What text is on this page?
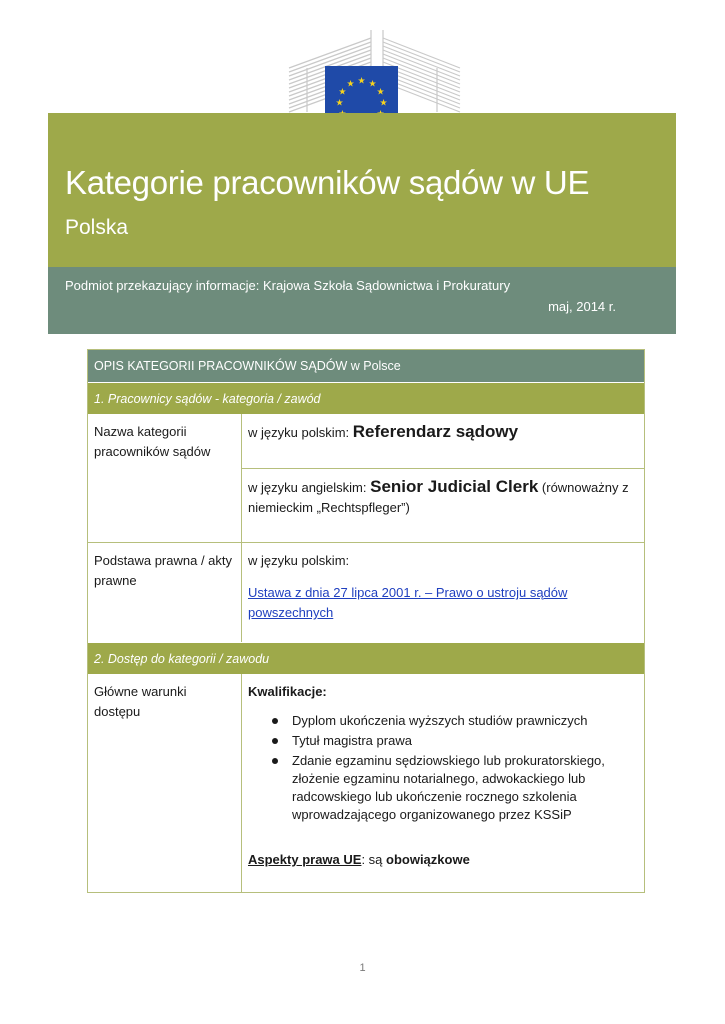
★ ★
★
★
★
★
★
Kategorie pracowników sądów w UE
Polska
Podmiot przekazujący informacje: Krajowa Szkoła Sądownictwa i Prokuratury
maj, 2014 r.
OPIS KATEGORII PRACOWNIKÓW SĄDÓW w Polsce
1. Pracownicy sądów - kategoria / zawód
Nazwa kategorii pracowników sądów
w języku polskim: Referendarz sądowy
w języku angielskim: Senior Judicial Clerk (równoważny z niemieckim „Rechtspfleger”)
Podstawa prawna / akty prawne
w języku polskim:
Ustawa z dnia 27 lipca 2001 r. – Prawo o ustroju sądów powszechnych
2. Dostęp do kategorii / zawodu
Główne warunki dostępu
Kwalifikacje:
Dyplom ukończenia wyższych studiów prawniczych
Tytuł magistra prawa
Zdanie egzaminu sędziowskiego lub prokuratorskiego, złożenie egzaminu notarialnego, adwokackiego lub radcowskiego lub ukończenie rocznego szkolenia wprowadzającego organizowanego przez KSSiP
Aspekty prawa UE: są obowiązkowe
1
